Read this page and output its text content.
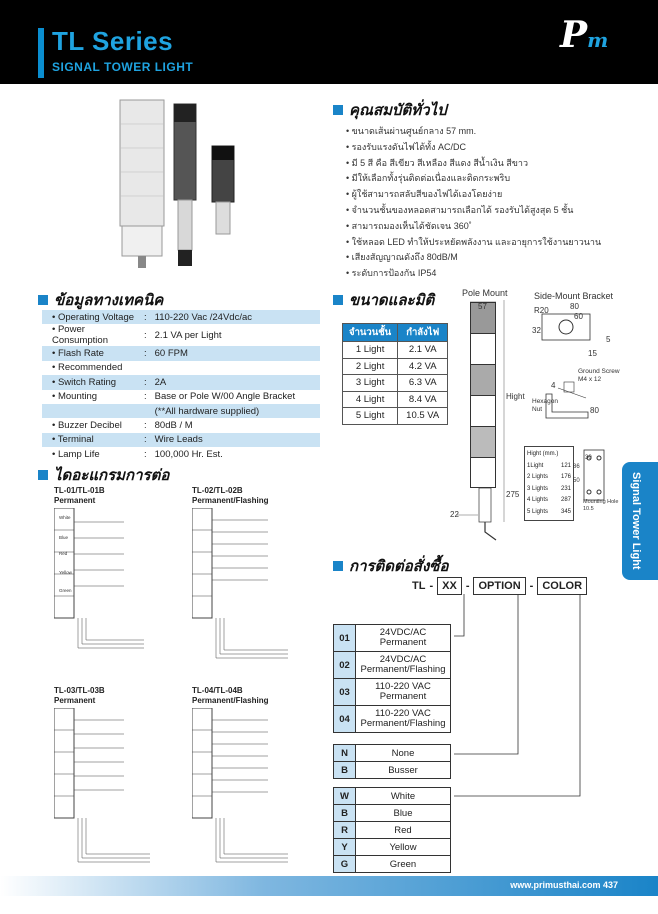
TL Series
SIGNAL TOWER LIGHT
Pm
คุณสมบัติทั่วไป
• ขนาดเส้นผ่านศูนย์กลาง 57 mm.
• รองรับแรงดันไฟได้ทั้ง AC/DC
• มี 5 สี คือ สีเขียว สีเหลือง สีแดง สีน้ำเงิน สีขาว
• มีให้เลือกทั้งรุ่นติดต่อเนื่องและติดกระพริบ
• ผู้ใช้สามารถสลับสีของไฟได้เองโดยง่าย
• จำนวนชั้นของหลอดสามารถเลือกได้ รองรับได้สูงสุด 5 ชั้น
• สามารถมองเห็นได้ชัดเจน 360˚
• ใช้หลอด LED ทำให้ประหยัดพลังงาน และอายุการใช้งานยาวนาน
• เสียงสัญญาณดังถึง 80dB/M
• ระดับการป้องกัน IP54
ข้อมูลทางเทคนิค
• Operating Voltage	:	110-220 Vac /24Vdc/ac
• Power Consumption	:	2.1 VA per Light
• Flash Rate	:	60 FPM
• Recommended		
• Switch Rating	:	2A
• Mounting	:	Base or Pole W/00 Angle Bracket
		(**All hardware supplied)
• Buzzer Decibel	:	80dB / M
• Terminal	:	Wire Leads
• Lamp Life	:	100,000 Hr. Est.
ขนาดและมิติ	Pole Mount	Side-Mount Bracket
จำนวนชั้น	กำลังไฟ
1 Light	2.1 VA
2 Light	4.2 VA
3 Light	6.3 VA
4 Light	8.4 VA
5 Light	10.5 VA
57
Hight
275
22
R20	80
60
32
15
5
Ground Screw M4 x 12
4
Hexagon Nut	80
Hight (mm.)
1Light	121
2 Lights 176
3 Lights 231
4 Lights 287
5 Lights 345
30
86
50
Mounting Hole 10.5
ไดอะแกรมการต่อ
TL-01/TL-01B
Permanent
TL-02/TL-02B
Permanent/Flashing
TL-03/TL-03B
Permanent
TL-04/TL-04B
Permanent/Flashing
White
Blue
Red
Yellow
Green
การติดต่อสั่งซื้อ
TL - XX - OPTION - COLOR
01	24VDC/AC
Permanent
02	24VDC/AC
Permanent/Flashing
03	110-220 VAC
Permanent
04	110-220 VAC
Permanent/Flashing
N	None
B	Busser
W	White
B	Blue
R	Red
Y	Yellow
G	Green
Signal Tower Light
www.primusthai.com 437
